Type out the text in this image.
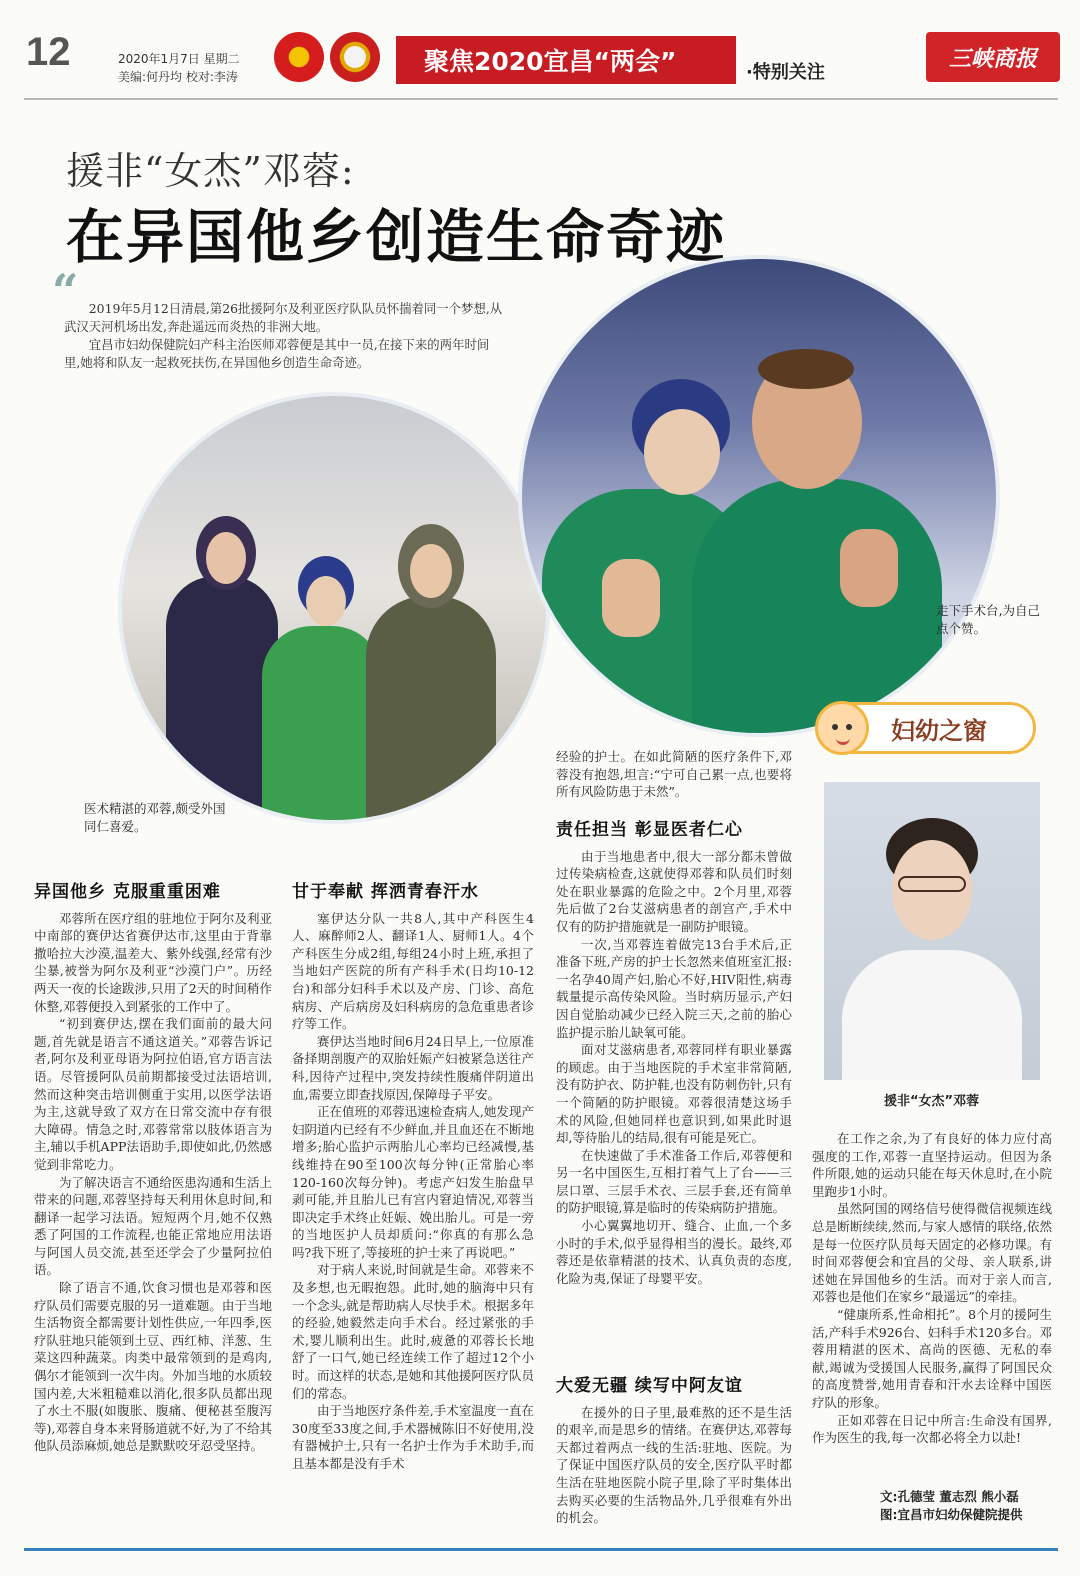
12	2020年1月7日 星期二
美编:何丹均 校对:李涛
聚焦2020宜昌“两会”	·特别关注
三峡商报
援非“女杰”邓蓉:
在异国他乡创造生命奇迹
“ 2019年5月12日清晨,第26批援阿尔及利亚医疗队队员怀揣着同一个梦想,从武汉天河机场出发,奔赴遥远而炎热的非洲大地。

宜昌市妇幼保健院妇产科主治医师邓蓉便是其中一员,在接下来的两年时间里,她将和队友一起救死扶伤,在异国他乡创造生命奇迹。

医术精湛的邓蓉,颇受外国同仁喜爱。
走下手术台,为自己点个赞。
妇幼之窗
援非“女杰”邓蓉
异国他乡 克服重重困难

邓蓉所在医疗组的驻地位于阿尔及利亚中南部的赛伊达省赛伊达市,这里由于背靠撒哈拉大沙漠,温差大、紫外线强,经常有沙尘暴,被誉为阿尔及利亚“沙漠门户”。历经两天一夜的长途跋涉,只用了2天的时间稍作休整,邓蓉便投入到紧张的工作中了。

“初到赛伊达,摆在我们面前的最大问题,首先就是语言不通这道关。”邓蓉告诉记者,阿尔及利亚母语为阿拉伯语,官方语言法语。尽管援阿队员前期都接受过法语培训,然而这种突击培训侧重于实用,以医学法语为主,这就导致了双方在日常交流中存有很大障碍。情急之时,邓蓉常常以肢体语言为主,辅以手机APP法语助手,即使如此,仍然感觉到非常吃力。

为了解决语言不通给医患沟通和生活上带来的问题,邓蓉坚持每天利用休息时间,和翻译一起学习法语。短短两个月,她不仅熟悉了阿国的工作流程,也能正常地应用法语与阿国人员交流,甚至还学会了少量阿拉伯语。

除了语言不通,饮食习惯也是邓蓉和医疗队员们需要克服的另一道难题。由于当地生活物资全都需要计划性供应,一年四季,医疗队驻地只能领到土豆、西红柿、洋葱、生菜这四种蔬菜。肉类中最常领到的是鸡肉,偶尔才能领到一次牛肉。外加当地的水质较国内差,大米粗糙难以消化,很多队员都出现了水土不服(如腹胀、腹痛、便秘甚至腹泻等),邓蓉自身本来肾肠道就不好,为了不给其他队员添麻烦,她总是默默咬牙忍受坚持。

甘于奉献 挥洒青春汗水

塞伊达分队一共8人,其中产科医生4人、麻醉师2人、翻译1人、厨师1人。4个产科医生分成2组,每组24小时上班,承担了当地妇产医院的所有产科手术(日均10-12台)和部分妇科手术以及产房、门诊、高危病房、产后病房及妇科病房的急危重患者诊疗等工作。

赛伊达当地时间6月24日早上,一位原准备择期剖腹产的双胎妊娠产妇被紧急送往产科,因待产过程中,突发持续性腹痛伴阴道出血,需要立即查找原因,保障母子平安。

正在值班的邓蓉迅速检查病人,她发现产妇阴道内已经有不少鲜血,并且血还在不断地增多;胎心监护示两胎儿心率均已经减慢,基线维持在90至100次每分钟(正常胎心率120-160次每分钟)。考虑产妇发生胎盘早剥可能,并且胎儿已有宫内窘迫情况,邓蓉当即决定手术终止妊娠、娩出胎儿。可是一旁的当地医护人员却质问:“你真的有那么急吗?我下班了,等接班的护士来了再说吧。”

对于病人来说,时间就是生命。邓蓉来不及多想,也无暇抱怨。此时,她的脑海中只有一个念头,就是帮助病人尽快手术。根据多年的经验,她毅然走向手术台。经过紧张的手术,婴儿顺利出生。此时,疲惫的邓蓉长长地舒了一口气,她已经连续工作了超过12个小时。而这样的状态,是她和其他援阿医疗队员们的常态。

由于当地医疗条件差,手术室温度一直在30度至33度之间,手术器械陈旧不好使用,没有器械护士,只有一名护士作为手术助手,而且基本都是没有手术

经验的护士。在如此简陋的医疗条件下,邓蓉没有抱怨,坦言:“宁可自己累一点,也要将所有风险防患于未然”。

责任担当 彰显医者仁心

由于当地患者中,很大一部分都未曾做过传染病检查,这就使得邓蓉和队员们时刻处在职业暴露的危险之中。2个月里,邓蓉先后做了2台艾滋病患者的剖宫产,手术中仅有的防护措施就是一副防护眼镜。

一次,当邓蓉连着做完13台手术后,正准备下班,产房的护士长忽然来值班室汇报:一名孕40周产妇,胎心不好,HIV阳性,病毒载量提示高传染风险。当时病历显示,产妇因自觉胎动减少已经入院三天,之前的胎心监护提示胎儿缺氧可能。

面对艾滋病患者,邓蓉同样有职业暴露的顾虑。由于当地医院的手术室非常简陋,没有防护衣、防护鞋,也没有防刺伤针,只有一个简陋的防护眼镜。邓蓉很清楚这场手术的风险,但她同样也意识到,如果此时退却,等待胎儿的结局,很有可能是死亡。

在快速做了手术准备工作后,邓蓉便和另一名中国医生,互相打着气上了台——三层口罩、三层手术衣、三层手套,还有简单的防护眼镜,算是临时的传染病防护措施。

小心翼翼地切开、缝合、止血,一个多小时的手术,似乎显得相当的漫长。最终,邓蓉还是依靠精湛的技术、认真负责的态度,化险为夷,保证了母婴平安。

大爱无疆 续写中阿友谊

在援外的日子里,最难熬的还不是生活的艰辛,而是思乡的情绪。在赛伊达,邓蓉每天都过着两点一线的生活:驻地、医院。为了保证中国医疗队员的安全,医疗队平时都生活在驻地医院小院子里,除了平时集体出去购买必要的生活物品外,几乎很难有外出的机会。

在工作之余,为了有良好的体力应付高强度的工作,邓蓉一直坚持运动。但因为条件所限,她的运动只能在每天休息时,在小院里跑步1小时。

虽然阿国的网络信号使得微信视频连线总是断断续续,然而,与家人感情的联络,依然是每一位医疗队员每天固定的必修功课。有时间邓蓉便会和宜昌的父母、亲人联系,讲述她在异国他乡的生活。而对于亲人而言,邓蓉也是他们在家乡“最遥远”的牵挂。

“健康所系,性命相托”。8个月的援阿生活,产科手术926台、妇科手术120多台。邓蓉用精湛的医术、高尚的医德、无私的奉献,竭诚为受援国人民服务,赢得了阿国民众的高度赞誉,她用青春和汗水去诠释中国医疗队的形象。

正如邓蓉在日记中所言:生命没有国界,作为医生的我,每一次都必将全力以赴!

文:孔德莹 董志烈 熊小磊
图:宜昌市妇幼保健院提供
